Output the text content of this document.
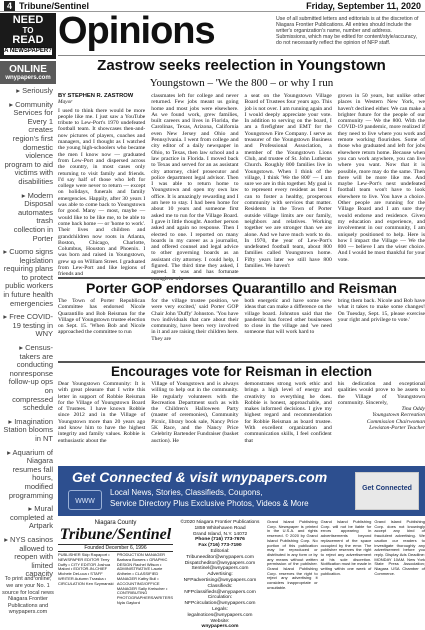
4 Tribune/Sentinel	Friday, September 11, 2020
NEED
TO
READ
A NEWSPAPER?
ONLINE
wnypapers.com
▸ Seriously
▸ Community Services for Every 1 creates region's first domestic violence program to aid victims with disabilities
▸ Modern Disposal automates trash collection in Porter
▸ Cuomo signs legislation requiring plans to protect public workers in future health emergencies
▸ Free COVID-19 testing in WNY
▸ Census-takers are conducting nonresponse follow-up ops on compressed schedule
▸ Imagination Station blooms in NT
▸ Aquarium of Niagara resumes fall hours, modified programming
▸ Mural completed at Artpark
▸ NYS casinos allowed to reopen with limited capacity
To print and online, we are your No. 1 source for local news Niagara Frontier Publications and wnypapers.com
Opinions	Use of all submitted letters and editorials is at the discretion of Niagara Frontier Publications. All entries should include the writer's organization's name, number and address. Submissions, which may be edited for content/style/accuracy, do not necessarily reflect the opinion of NFP staff.
Zastrow seeks reelection in Youngstown
Youngstown – 'We the 800 – or why I run
BY STEPHEN R. ZASTROW
Mayor
I used to think there would be more people like me. I just saw a YouTube tribute to Lew-Port's 1970 undefeated football team. It showcases then-and-now pictures of players, coaches and managers, and I thought as I watched the young high-schoolers who became the men I know now — graduated from Lew-Port and dispersed across the country, in most cases only returning to visit family and friends. I'd say half of those who left for college were never to return — except on holidays, funerals and family emergencies. Happily, after 30 years I was able to come back to Youngstown for good. Many — most, maybe — would like to be like me, to be able to come back home — or 'home to work'. Their lives and children and grandchildren now roots in Atlanta, Boston, Chicago, Charlotte, Columbus, Houston and Phoenix. I was born and raised in Youngstown, grew up on William Street. I graduated from Lew-Port and like legions of friends and
classmates left for college and never returned. Few jobs meant us going home and most jobs were elsewhere. As we found work, grew families, built careers and lives in Florida, the Carolinas, Texas, Arizona, California even New Jersey and Ohio and Pennsylvania. I went from college and city editor of a daily newspaper in Ohio, to Texas, then law school and a law practice in Florida. I moved back to Texas and served for an as assistant city attorney, chief prosecutor and police department legal advisor. Then I was able to return home to Youngstown and open my own law office. It is amazingly rewarding and I am here to stay. I had been home for about 10 years and someone first asked me to run for the Village Board. I gave it little thought. Another person asked and again no response. Then I elected to one. I reported on many boards in my career as a journalist, and offered counsel and legal advice to other governing boards as an assistant city attorney. I could help, I figured. The third time they asked, I agreed. It was and has fortunate enough to win
a seat on the Youngstown Village Board of Trustees four years ago. This job is not over. I am running again and I would deeply appreciate your vote. In addition to serving on the board, I am a firefighter and EMT for the Youngstown Fire Company. I serve as treasurer of the Youngstown Business and Professional Association, a member of the Youngstown Lions Club, and trustee of St. John Lutheran Church. Roughly 800 families live in Youngstown. When I think of the village, I think 'We the 800' — I am sure we are in this together. My goal is to represent every resident as best I can to foster a healthy, prosperous community with services that matter. Residents in the Town of Porter outside village limits are our family, neighbors and relatives. Working together we are stronger than we are alone. And we have much work to do. In 1970, the year of Lew-Port's undefeated football team, about 800 families called Youngstown home. Fifty years later we still have 800 families. We haven't
grown in 50 years, but unlike other places in Western New York, we haven't declined either. We can make a brighter future for the people of our community — We the 800. With the COVID-19 pandemic, more realized if they need to live where you work and remote working flourishes. Some of those who graduated and left for jobs elsewhere return home. Because when you can work anywhere, you can live where you want. Now that it is possible, more may do the same. Then there will be more like me. And maybe Lew-Port's next undefeated football team won't have to look elsewhere to live. You have a choice. Other people are running for the Village Board and I am sure they would endorse and residence. Given my education and experience, and involvement in our community, I am uniquely positioned to help. Here is how I impact the Village — We the 800 — believe I am the wiser choice. And I would be most thankful for your vote.
Porter GOP endorses Quarantillo and Reisman
The Town of Porter Republican Committee has endorsed Nicole Quarantillo and Bob Reisman for the Village of Youngstown trustee election on Sept. 15. 'When Bob and Nicole approached the committee to run
for the village trustee position, we were very excited,' said Porter GOP Chair John 'Duffy' Johnston. 'You have two individuals that care about their community, have been very involved in it and are raising their children here. They are
both energetic and have some new ideas that can make a difference on the village board. Johnston said that the pandemic has forced other businesses to close in the village and 'we need someone that will work hard to
bring them back. Nicole and Bob have what it takes to make some changes! On Tuesday, Sept. 15, please exercise your right and privilege to vote.'
Encourages vote for Reisman in election
Dear Youngstown Community: It is with great pleasure that I write this letter in support of Robbie Reisman for the Village of Youngstown Board of Trustees. I have known Robbie since 2012 and in the Village of Youngstown more than 20 years ago and know him to have the highest integrity and family values. Robbie is enthusiastic about the
Village of Youngstown and is always willing to help out in the community. He regularly volunteers with the Recreation Department such as with the Children's Halloween Party (master of ceremonies), Community Picnic, library book sale, Nancy Price 5K Race, and the Nancy Price Celebrity Bartender Fundraiser (basket auction). He
demonstrates strong work ethic and brings a high level of energy and creativity to everything he does. Robbie is honest, approachable, and makes informed decisions. I give my highest regard and recommendation for Robbie Reisman as board trustee. With excellent organization and communication skills, I feel confident that
his dedication and exceptional qualities would prove to be assets to the Village of Youngstown community. Sincerely,
Tina Oddy
Youngstown Recreation
Commission Chairwoman
Lewiston-Porter Teacher
Get Connected & visit wnypapers.com
www
Local News, Stories, Classifieds, Coupons,
Service Directory Plus Exclusive Photos, Videos & More
Get Connected
Niagara County
Tribune/Sentinel
Founded December 6, 1996
PUBLISHER Skip Rapaport • NEWSPAPER EDITOR Terry Duffy • CITY EDITOR Joshua Maloni • EDITOR-IN-CHIEF Michele DeLuca • STAFF WRITER Autumn Trzaska • CIRCULATION Ken Szymanski
PRODUCTION MANAGER Barbara Bowers • GRAPHIC DESIGN Rachel Wilson • ADMINISTRATIVE Laurie Ahlheim • CLASSIFIED MANAGER Kathy Bull • ACCOUNTING/OFFICE MANAGER Sally Kreischer • CONTRIBUTING PHOTOGRAPHERS/WRITERS Nyla Gaylord
©2020 Niagara Frontier Publications
1859 Whitehaven Road
Grand Island, N.Y. 14072
Phone (716) 773-7676
Fax (716) 773-7190
Editorial:
Tribuneeditor@wnypapers.com
Dispatcheditor@wnypapers.com
Sentinel@wnypapers.com
Advertising:
NFPadvertising@wnypapers.com
Classifieds:
NFPclassifieds@wnypapers.com
Circulation:
NFPcirculation@wnypapers.com
Legals:
legalnotices@wnypapers.com
Website:
wnypapers.com
Grand Island Publishing Corp. Newspaper is printed in the U.S.A. and rights reserved. © 2020 by Grand Island Publishing Corp. No portion of this publication may be reproduced or distributed in any form or by any means without written permission of the publisher. Grand Island Publishing Corp. reserves the right to reject any advertising it considers inappropriate or unsuitable.
Grand Island Publishing Corp. will not be liable for errors appearing in advertisements beyond replacement of the space occupied by the error. The publisher reserves the right to reject any advertisement at his sole discretion. Notification must be made in writing within one week of publication.
Grand Island Publishing Corp. does not knowingly accept any kind of fraudulent advertising. We caution our readers to investigate thoroughly any advertisement before you reply. Display Ads Deadline: MONDAY 10AM. New York State Press Association; Niagara USA Chamber of Commerce.
